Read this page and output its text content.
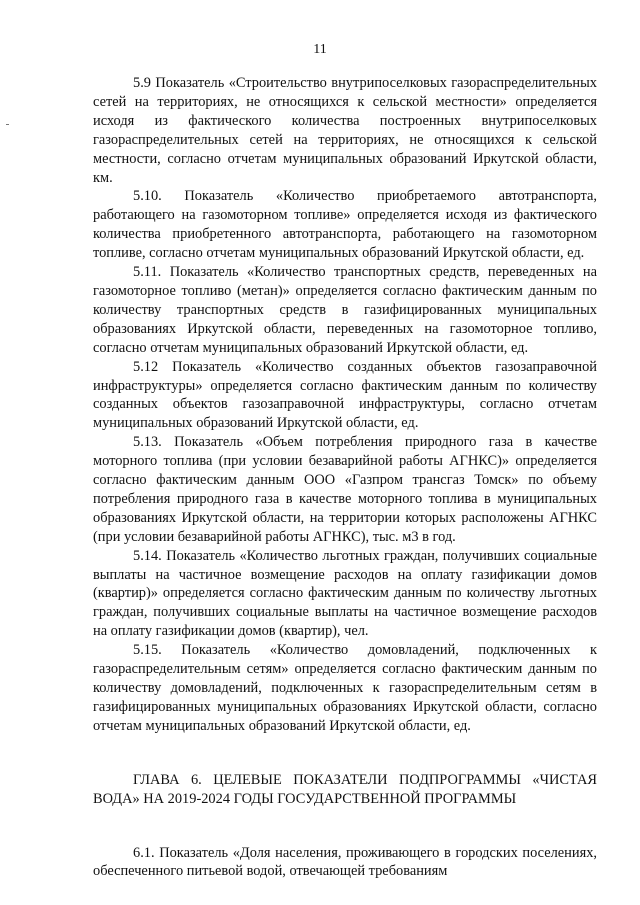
11

5.9 Показатель «Строительство внутрипоселковых газораспределительных сетей на территориях, не относящихся к сельской местности» определяется исходя из фактического количества построенных внутрипоселковых газораспределительных сетей на территориях, не относящихся к сельской местности, согласно отчетам муниципальных образований Иркутской области, км.

5.10. Показатель «Количество приобретаемого автотранспорта, работающего на газомоторном топливе» определяется исходя из фактического количества приобретенного автотранспорта, работающего на газомоторном топливе, согласно отчетам муниципальных образований Иркутской области, ед.

5.11. Показатель «Количество транспортных средств, переведенных на газомоторное топливо (метан)» определяется согласно фактическим данным по количеству транспортных средств в газифицированных муниципальных образованиях Иркутской области, переведенных на газомоторное топливо, согласно отчетам муниципальных образований Иркутской области, ед.

5.12 Показатель «Количество созданных объектов газозаправочной инфраструктуры» определяется согласно фактическим данным по количеству созданных объектов газозаправочной инфраструктуры, согласно отчетам муниципальных образований Иркутской области, ед.

5.13. Показатель «Объем потребления природного газа в качестве моторного топлива (при условии безаварийной работы АГНКС)» определяется согласно фактическим данным ООО «Газпром трансгаз Томск» по объему потребления природного газа в качестве моторного топлива в муниципальных образованиях Иркутской области, на территории которых расположены АГНКС (при условии безаварийной работы АГНКС), тыс. м3 в год.

5.14. Показатель «Количество льготных граждан, получивших социальные выплаты на частичное возмещение расходов на оплату газификации домов (квартир)» определяется согласно фактическим данным по количеству льготных граждан, получивших социальные выплаты на частичное возмещение расходов на оплату газификации домов (квартир), чел.

5.15. Показатель «Количество домовладений, подключенных к газораспределительным сетям» определяется согласно фактическим данным по количеству домовладений, подключенных к газораспределительным сетям в газифицированных муниципальных образованиях Иркутской области, согласно отчетам муниципальных образований Иркутской области, ед.

ГЛАВА 6. ЦЕЛЕВЫЕ ПОКАЗАТЕЛИ ПОДПРОГРАММЫ «ЧИСТАЯ ВОДА» НА 2019-2024 ГОДЫ ГОСУДАРСТВЕННОЙ ПРОГРАММЫ

6.1. Показатель «Доля населения, проживающего в городских поселениях, обеспеченного питьевой водой, отвечающей требованиям
